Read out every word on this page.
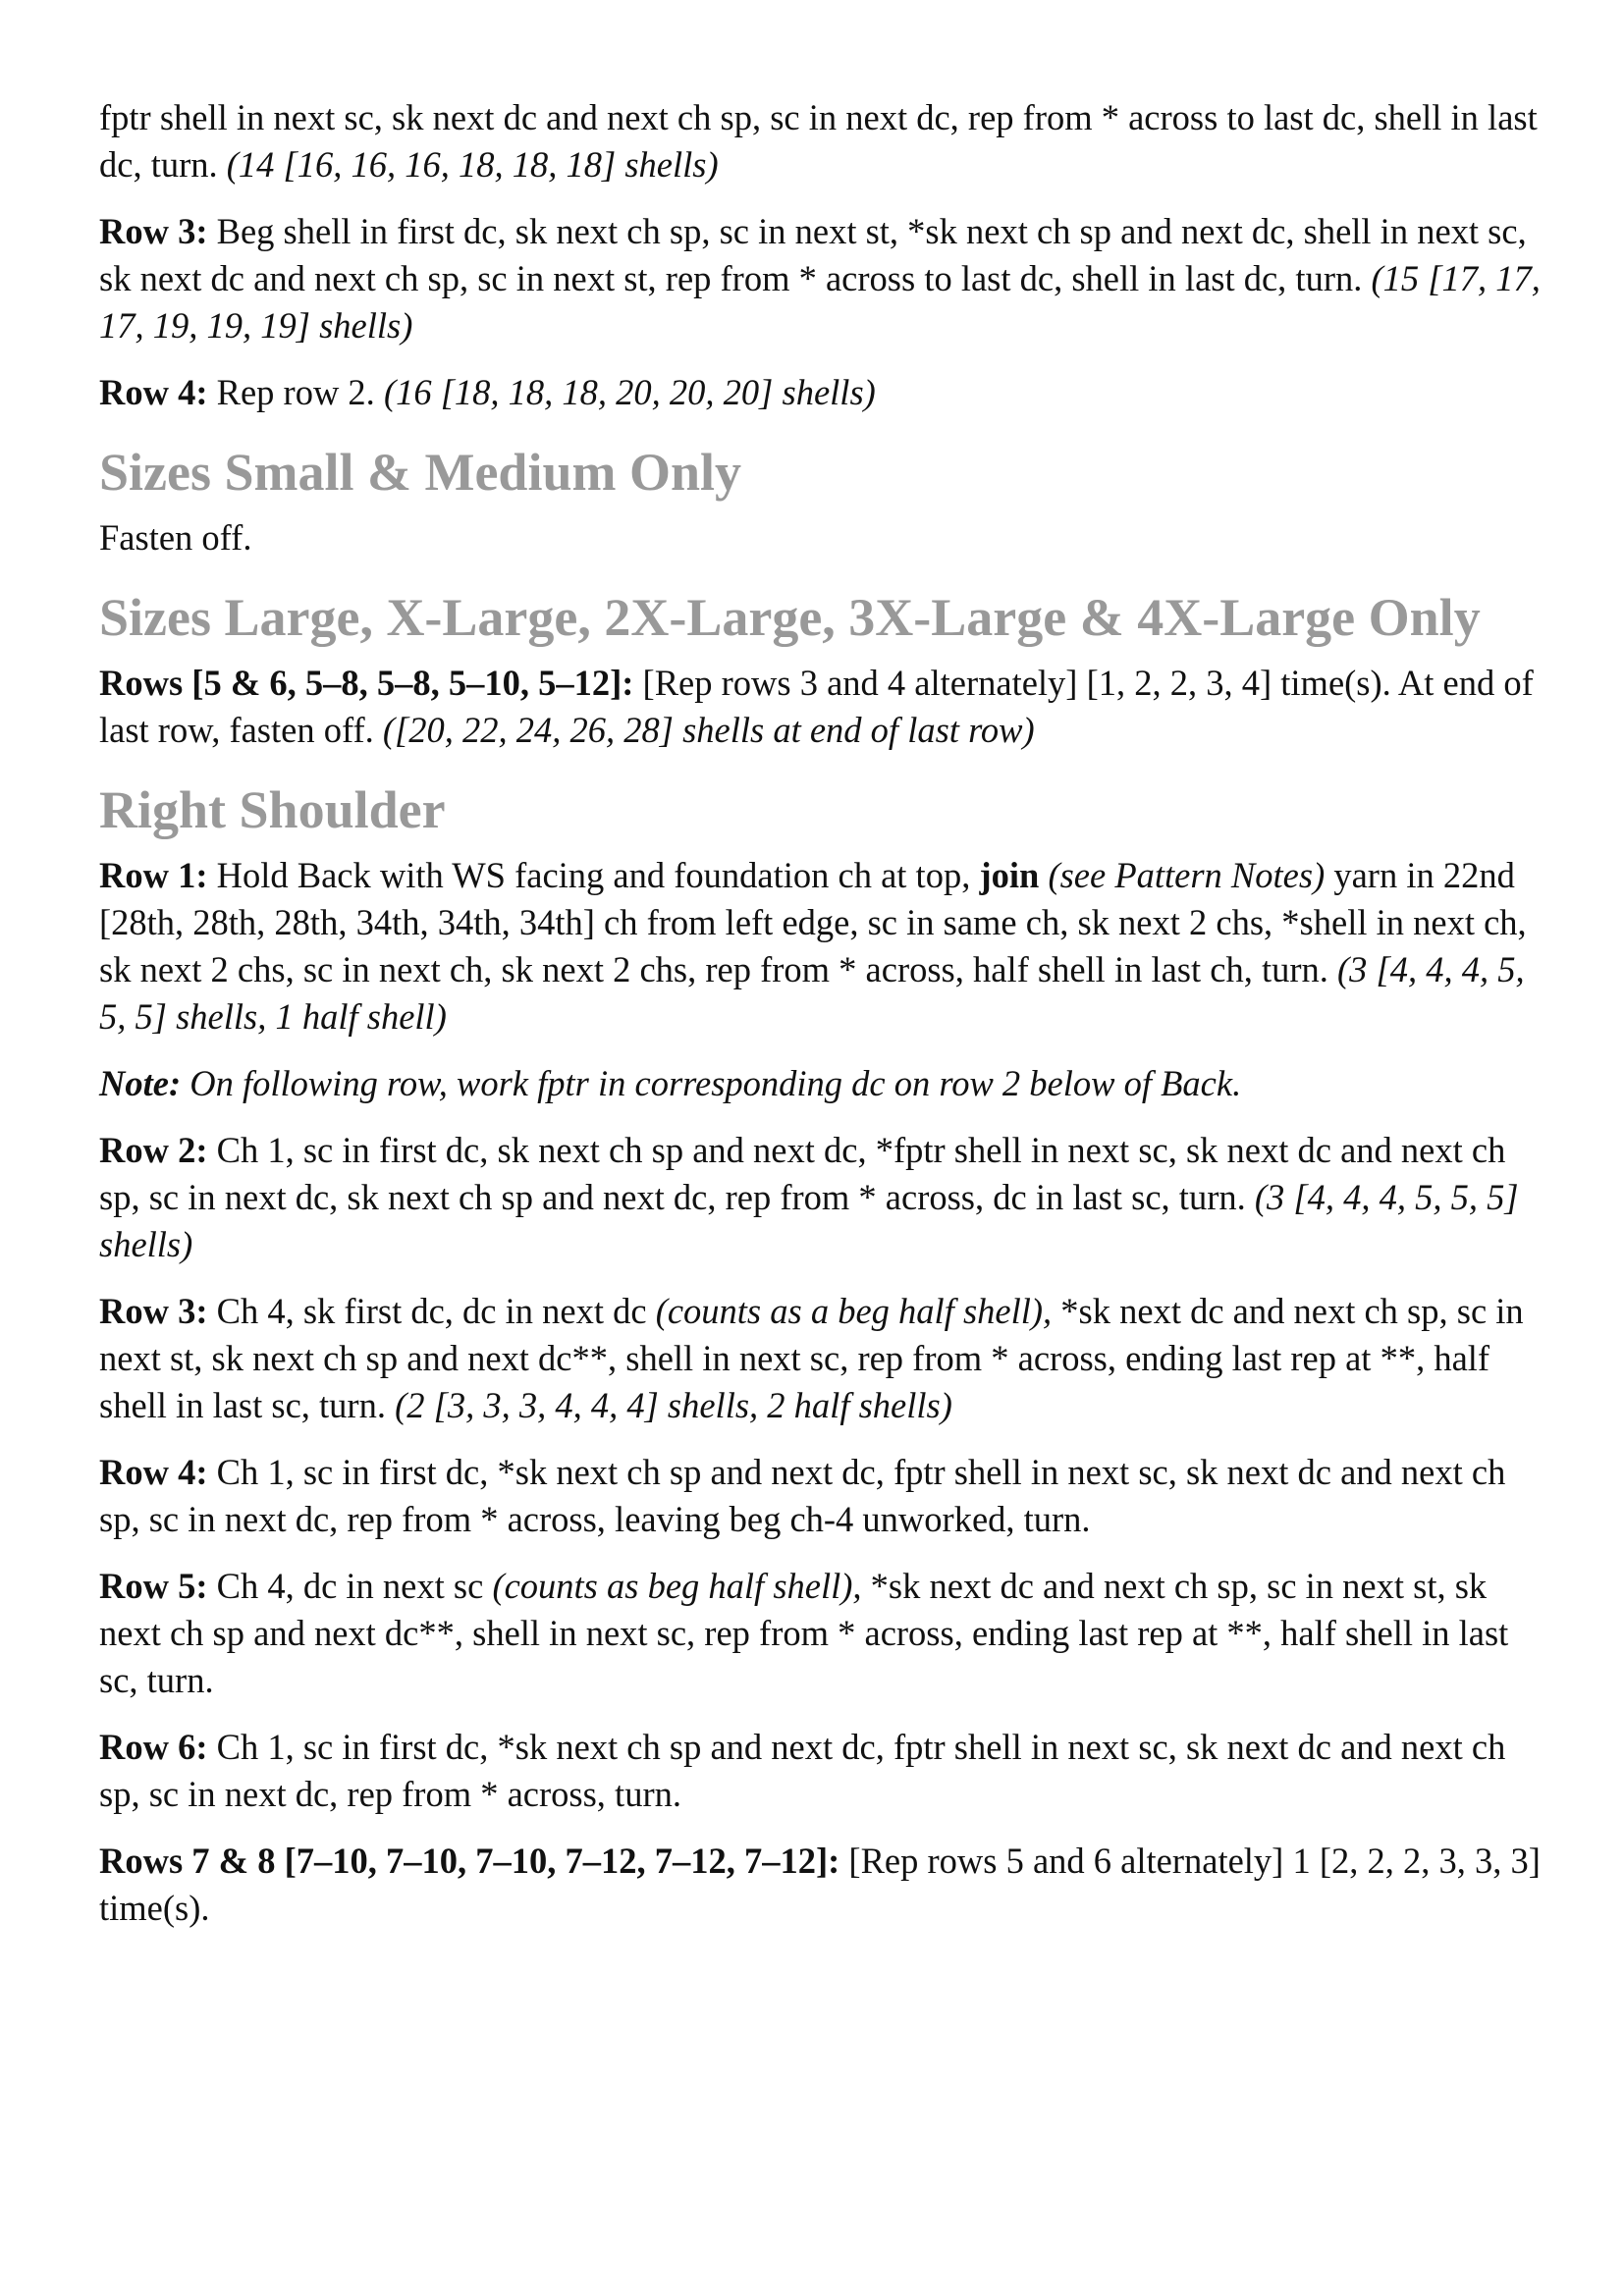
fptr shell in next sc, sk next dc and next ch sp, sc in next dc, rep from * across to last dc, shell in last dc, turn. (14 [16, 16, 16, 18, 18, 18] shells)

Row 3: Beg shell in first dc, sk next ch sp, sc in next st, *sk next ch sp and next dc, shell in next sc, sk next dc and next ch sp, sc in next st, rep from * across to last dc, shell in last dc, turn. (15 [17, 17, 17, 19, 19, 19] shells)

Row 4: Rep row 2. (16 [18, 18, 18, 20, 20, 20] shells)

Sizes Small & Medium Only

Fasten off.

Sizes Large, X-Large, 2X-Large, 3X-Large & 4X-Large Only

Rows [5 & 6, 5–8, 5–8, 5–10, 5–12]: [Rep rows 3 and 4 alternately] [1, 2, 2, 3, 4] time(s). At end of last row, fasten off. ([20, 22, 24, 26, 28] shells at end of last row)

Right Shoulder

Row 1: Hold Back with WS facing and foundation ch at top, join (see Pattern Notes) yarn in 22nd [28th, 28th, 28th, 34th, 34th, 34th] ch from left edge, sc in same ch, sk next 2 chs, *shell in next ch, sk next 2 chs, sc in next ch, sk next 2 chs, rep from * across, half shell in last ch, turn. (3 [4, 4, 4, 5, 5, 5] shells, 1 half shell)

Note: On following row, work fptr in corresponding dc on row 2 below of Back.

Row 2: Ch 1, sc in first dc, sk next ch sp and next dc, *fptr shell in next sc, sk next dc and next ch sp, sc in next dc, sk next ch sp and next dc, rep from * across, dc in last sc, turn. (3 [4, 4, 4, 5, 5, 5] shells)

Row 3: Ch 4, sk first dc, dc in next dc (counts as a beg half shell), *sk next dc and next ch sp, sc in next st, sk next ch sp and next dc**, shell in next sc, rep from * across, ending last rep at **, half shell in last sc, turn. (2 [3, 3, 3, 4, 4, 4] shells, 2 half shells)

Row 4: Ch 1, sc in first dc, *sk next ch sp and next dc, fptr shell in next sc, sk next dc and next ch sp, sc in next dc, rep from * across, leaving beg ch-4 unworked, turn.

Row 5: Ch 4, dc in next sc (counts as beg half shell), *sk next dc and next ch sp, sc in next st, sk next ch sp and next dc**, shell in next sc, rep from * across, ending last rep at **, half shell in last sc, turn.

Row 6: Ch 1, sc in first dc, *sk next ch sp and next dc, fptr shell in next sc, sk next dc and next ch sp, sc in next dc, rep from * across, turn.

Rows 7 & 8 [7–10, 7–10, 7–10, 7–12, 7–12, 7–12]: [Rep rows 5 and 6 alternately] 1 [2, 2, 2, 3, 3, 3] time(s).
